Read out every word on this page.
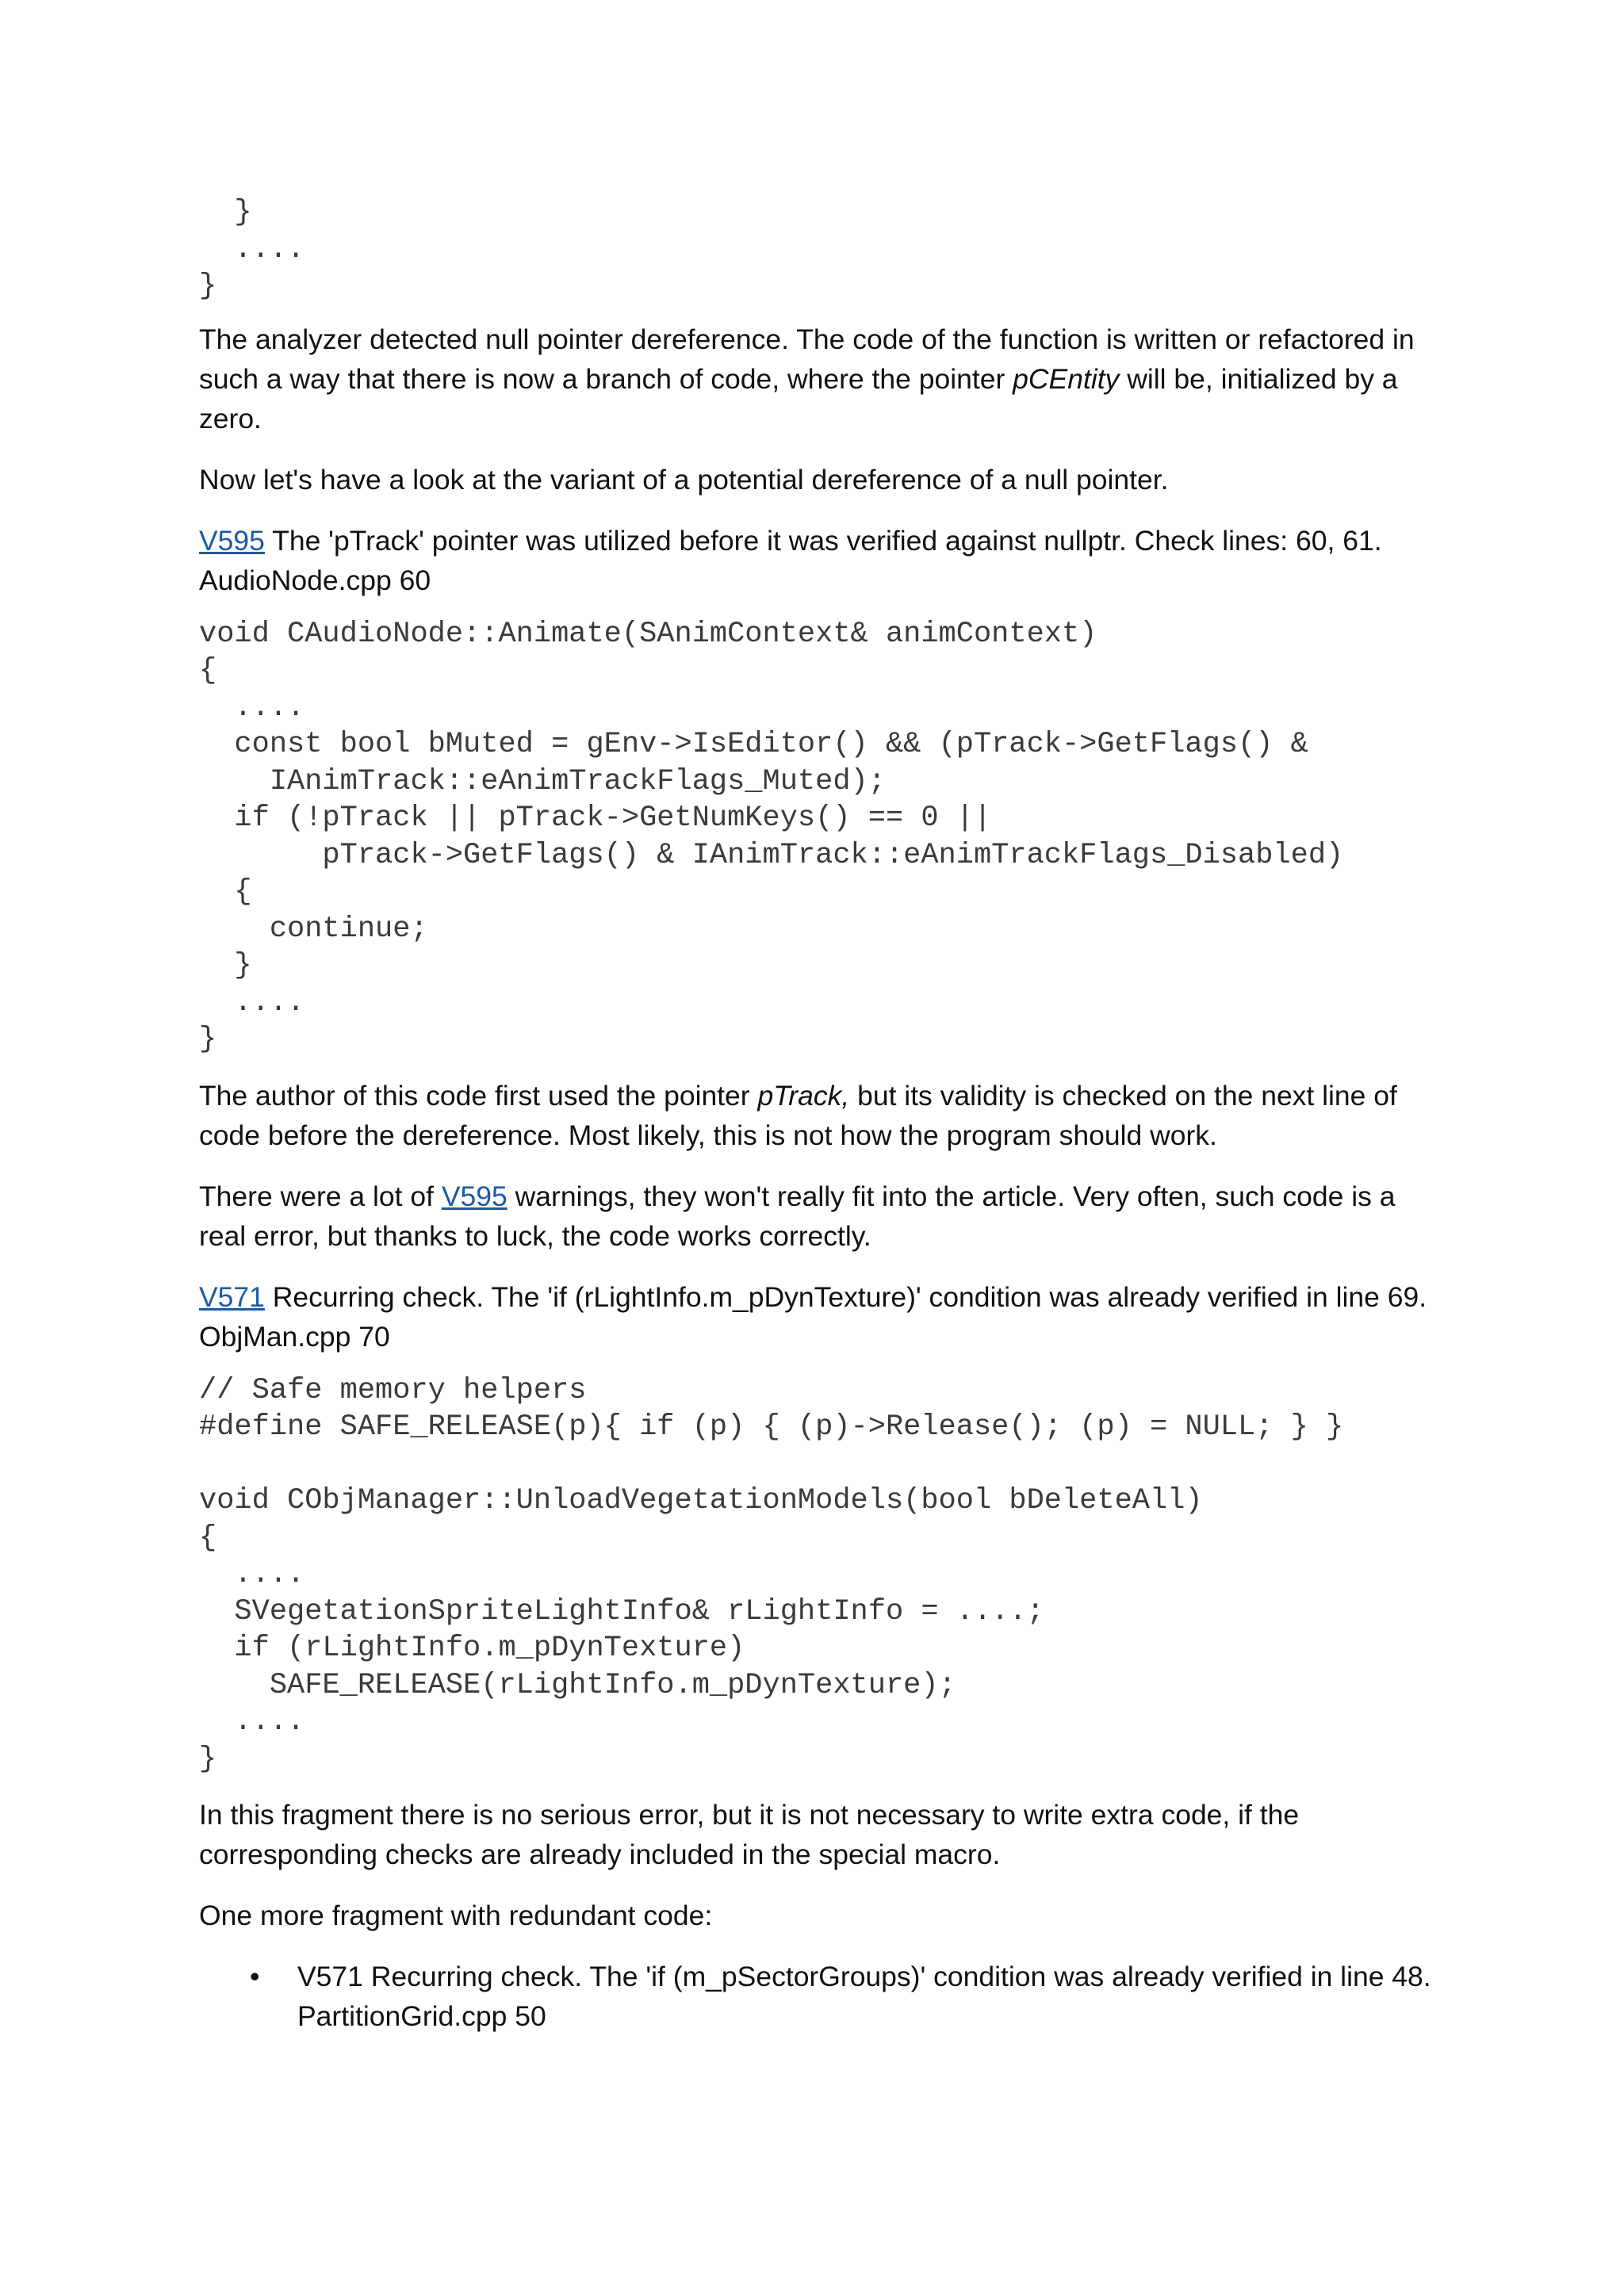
}
....
}

The analyzer detected null pointer dereference. The code of the function is written or refactored in such a way that there is now a branch of code, where the pointer pCEntity will be, initialized by a zero.

Now let's have a look at the variant of a potential dereference of a null pointer.

V595 The 'pTrack' pointer was utilized before it was verified against nullptr. Check lines: 60, 61. AudioNode.cpp 60

void CAudioNode::Animate(SAnimContext& animContext)
{
....
const bool bMuted = gEnv->IsEditor() && (pTrack->GetFlags() &
IAnimTrack::eAnimTrackFlags_Muted);
if (!pTrack || pTrack->GetNumKeys() == 0 ||
pTrack->GetFlags() & IAnimTrack::eAnimTrackFlags_Disabled)
{
continue;
}
....
}

The author of this code first used the pointer pTrack, but its validity is checked on the next line of code before the dereference. Most likely, this is not how the program should work.

There were a lot of V595 warnings, they won't really fit into the article. Very often, such code is a real error, but thanks to luck, the code works correctly.

V571 Recurring check. The 'if (rLightInfo.m_pDynTexture)' condition was already verified in line 69. ObjMan.cpp 70

// Safe memory helpers
#define SAFE_RELEASE(p){ if (p) { (p)->Release(); (p) = NULL; } }

void CObjManager::UnloadVegetationModels(bool bDeleteAll)
{
....
SVegetationSpriteLightInfo& rLightInfo = ....;
if (rLightInfo.m_pDynTexture)
SAFE_RELEASE(rLightInfo.m_pDynTexture);
....
}

In this fragment there is no serious error, but it is not necessary to write extra code, if the corresponding checks are already included in the special macro.

One more fragment with redundant code:

• V571 Recurring check. The 'if (m_pSectorGroups)' condition was already verified in line 48. PartitionGrid.cpp 50
